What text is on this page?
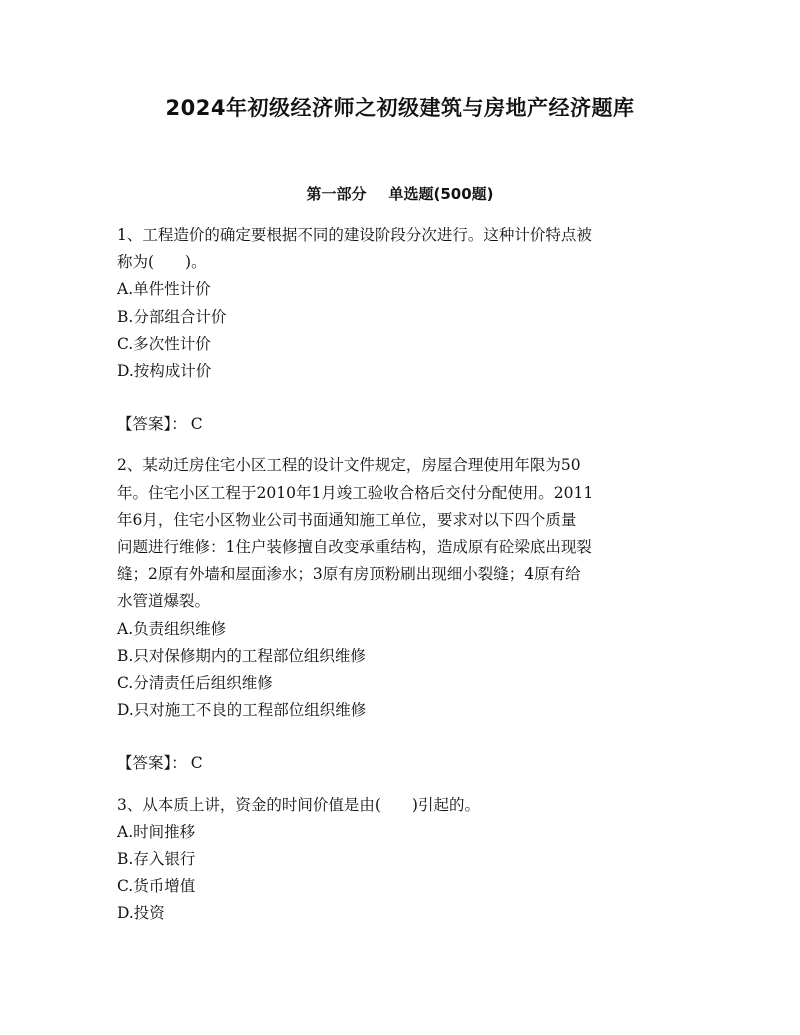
2024年初级经济师之初级建筑与房地产经济题库
第一部分 单选题(500题)

1、工程造价的确定要根据不同的建设阶段分次进行。这种计价特点被

称为(　　)。

A.单件性计价

B.分部组合计价

C.多次性计价

D.按构成计价

【答案】： C

2、某动迁房住宅小区工程的设计文件规定，房屋合理使用年限为50

年。住宅小区工程于2010年1月竣工验收合格后交付分配使用。2011

年6月，住宅小区物业公司书面通知施工单位，要求对以下四个质量

问题进行维修：1住户装修擅自改变承重结构，造成原有砼梁底出现裂

缝；2原有外墙和屋面渗水；3原有房顶粉刷出现细小裂缝；4原有给

水管道爆裂。

A.负责组织维修

B.只对保修期内的工程部位组织维修

C.分清责任后组织维修

D.只对施工不良的工程部位组织维修

【答案】： C

3、从本质上讲，资金的时间价值是由(　　)引起的。

A.时间推移

B.存入银行

C.货币增值

D.投资
